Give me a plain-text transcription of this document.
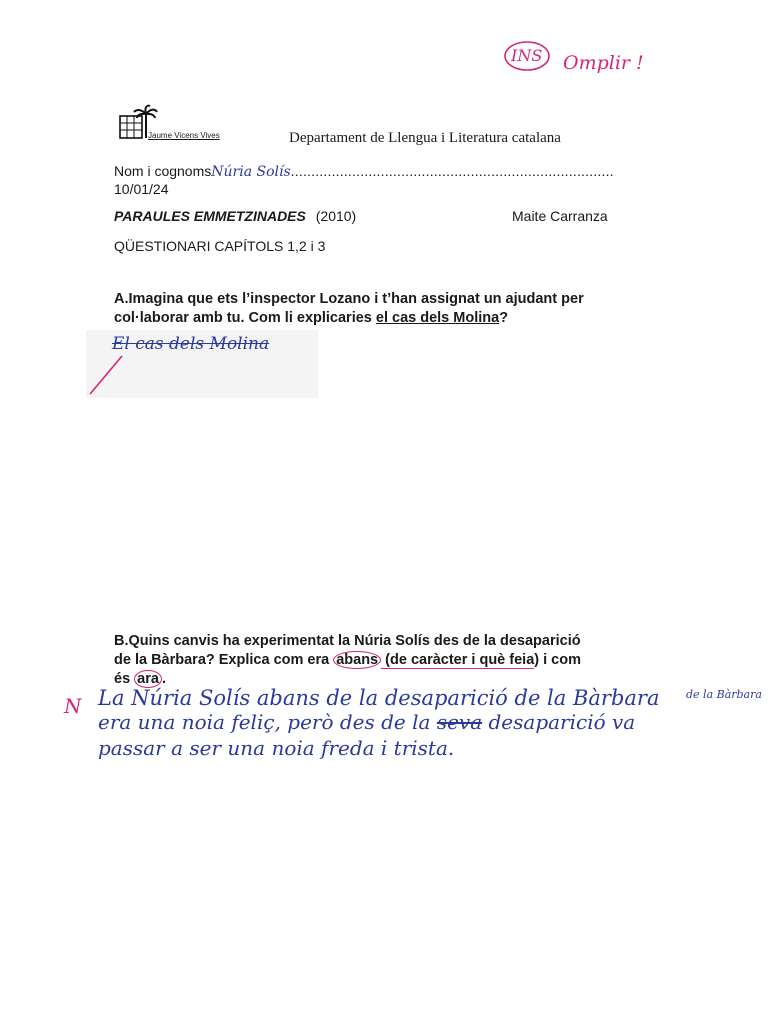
INS Omplir !
Jaume Vicens Vives	Departament de Llengua i Literatura catalana
Nom i cognomsNúria Solís...............................................................................
10/01/24
PARAULES EMMETZINADES (2010)	Maite Carranza
QÜESTIONARI CAPÍTOLS 1,2 i 3
A.Imagina que ets l’inspector Lozano i t’han assignat un ajudant per
col·laborar amb tu. Com li explicaries el cas dels Molina?
El cas dels Molina
B.Quins canvis ha experimentat la Núria Solís des de la desaparició
de la Bàrbara? Explica com era abans (de caràcter i què feia) i com
és ara .
N La Núria Solís abans de la desaparició de la Bàrbara de la Bàrbara
era una noia feliç, però des de la seva desaparició va
passar a ser una noia freda i trista.
